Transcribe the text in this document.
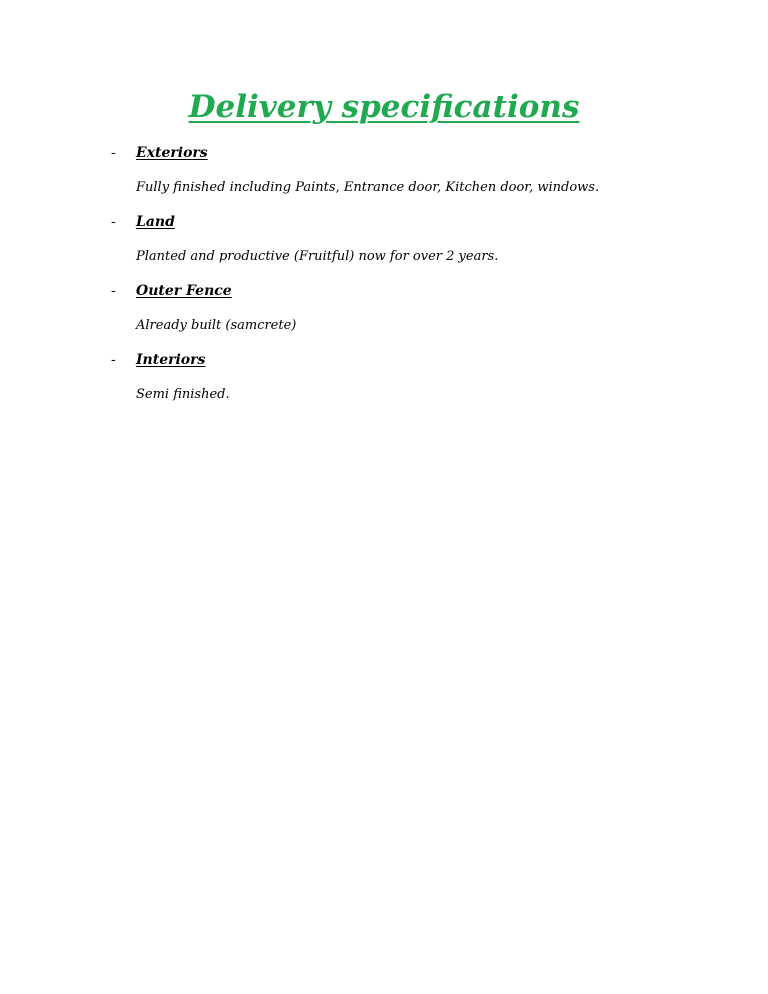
Delivery specifications
- Exteriors
Fully finished including Paints, Entrance door, Kitchen door, windows.
- Land
Planted and productive (Fruitful) now for over 2 years.
- Outer Fence
Already built (samcrete)
- Interiors
Semi finished.
